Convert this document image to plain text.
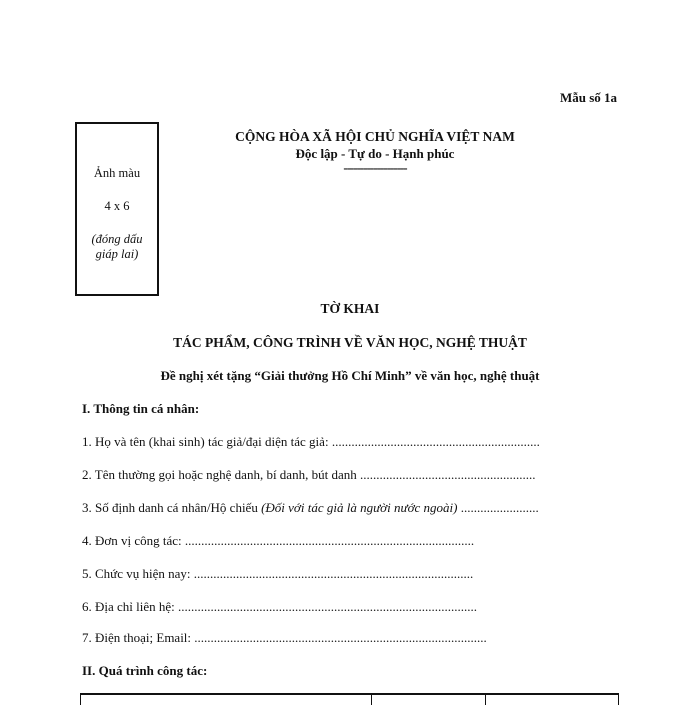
Mẫu số 1a
Ảnh màu
4 x 6
(đóng dấu giáp lai)
CỘNG HÒA XÃ HỘI CHỦ NGHĨA VIỆT NAM
Độc lập - Tự do - Hạnh phúc
-------------------
TỜ KHAI
TÁC PHẨM, CÔNG TRÌNH VỀ VĂN HỌC, NGHỆ THUẬT
Đề nghị xét tặng “Giải thưởng Hồ Chí Minh” về văn học, nghệ thuật
I. Thông tin cá nhân:
1. Họ và tên (khai sinh) tác giả/đại diện tác giả: ................................................................
2. Tên thường gọi hoặc nghệ danh, bí danh, bút danh ......................................................
3. Số định danh cá nhân/Hộ chiếu (Đối với tác giả là người nước ngoài) ........................
4. Đơn vị công tác: .........................................................................................
5. Chức vụ hiện nay: ......................................................................................
6. Địa chỉ liên hệ: ............................................................................................
7. Điện thoại; Email: ..........................................................................................
II. Quá trình công tác:
